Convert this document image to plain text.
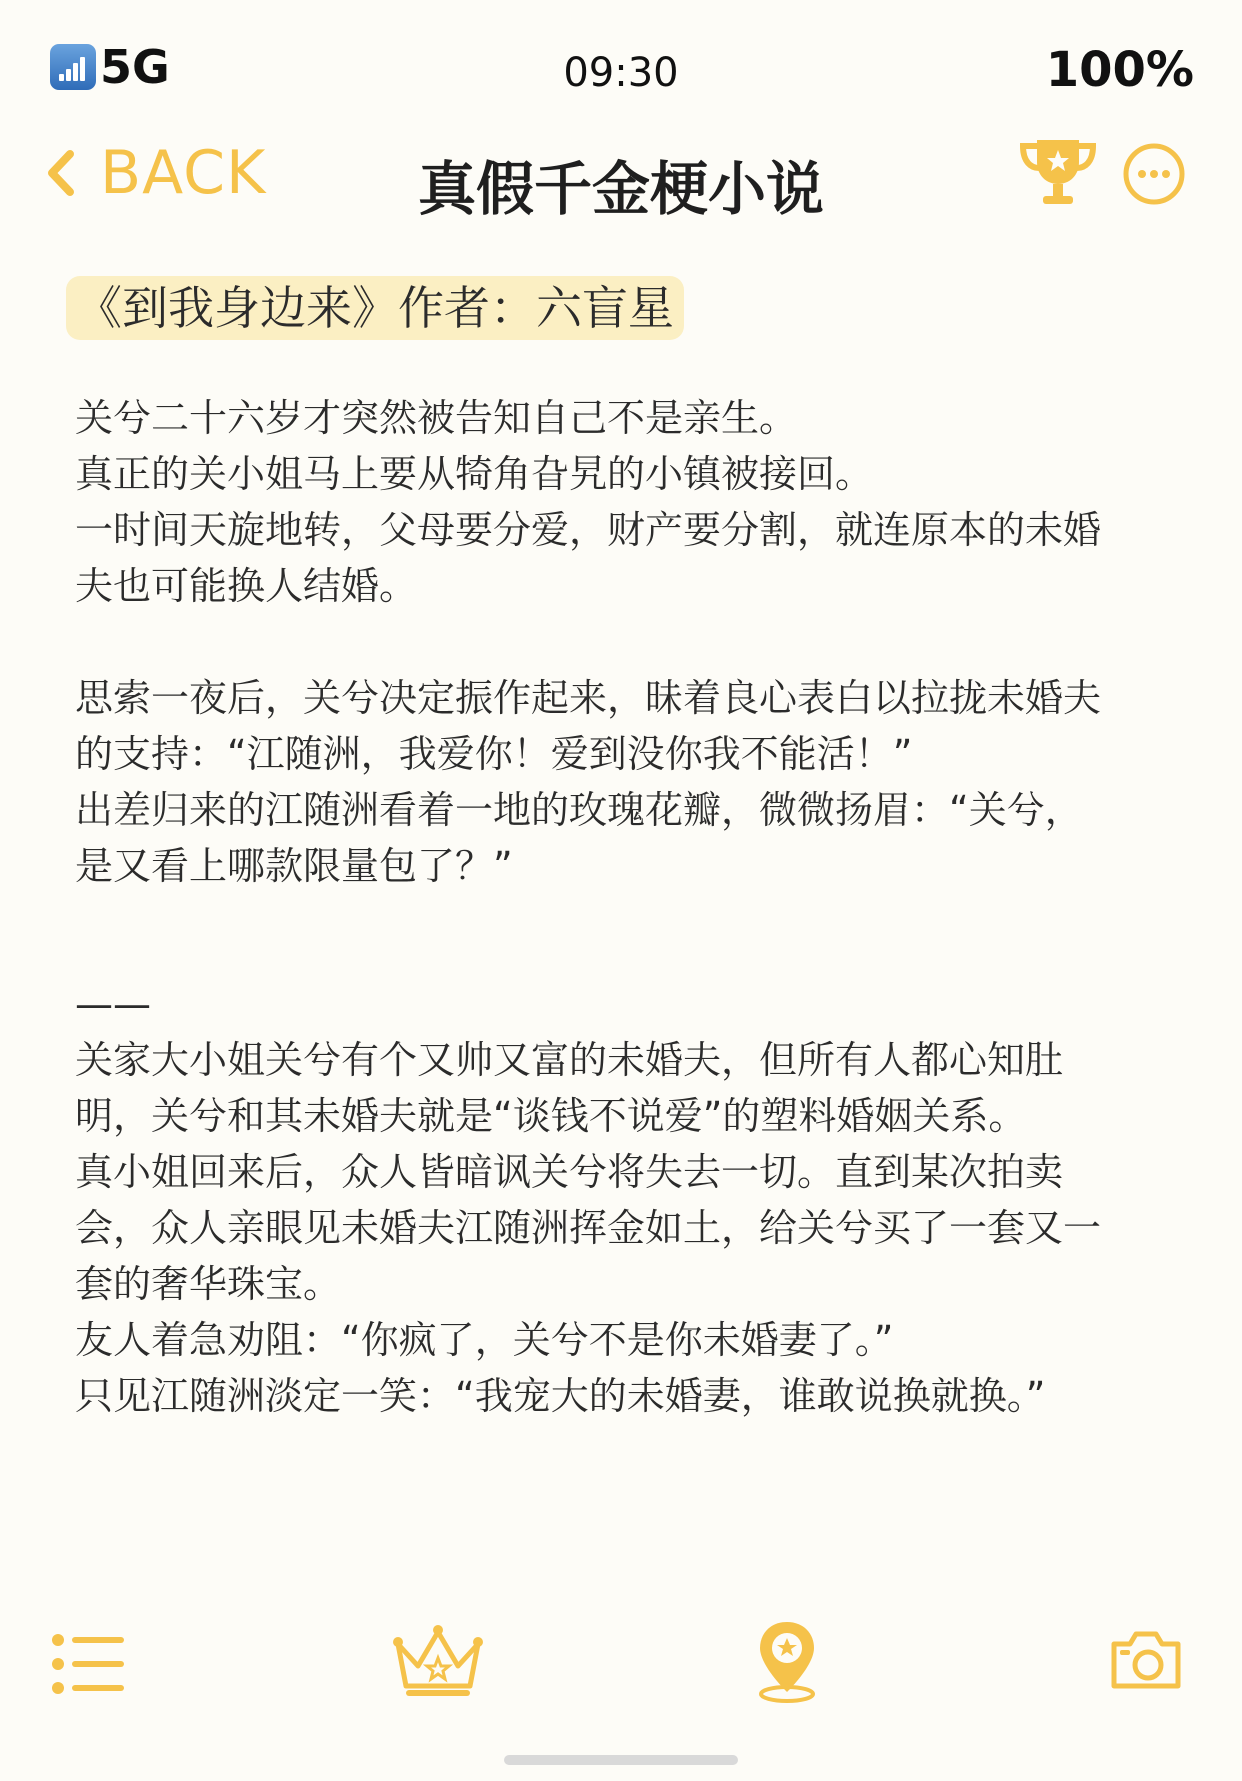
5G	09:30	100%
BACK	真假千金梗小说
《到我身边来》作者：六盲星
关兮二十六岁才突然被告知自己不是亲生。
真正的关小姐马上要从犄角旮旯的小镇被接回。
一时间天旋地转，父母要分爱，财产要分割，就连原本的未婚
夫也可能换人结婚。
思索一夜后，关兮决定振作起来，昧着良心表白以拉拢未婚夫
的支持：“江随洲，我爱你！爱到没你我不能活！”
出差归来的江随洲看着一地的玫瑰花瓣，微微扬眉：“关兮，
是又看上哪款限量包了？”
——
关家大小姐关兮有个又帅又富的未婚夫，但所有人都心知肚
明，关兮和其未婚夫就是“谈钱不说爱”的塑料婚姻关系。
真小姐回来后，众人皆暗讽关兮将失去一切。直到某次拍卖
会，众人亲眼见未婚夫江随洲挥金如土，给关兮买了一套又一
套的奢华珠宝。
友人着急劝阻：“你疯了，关兮不是你未婚妻了。”
只见江随洲淡定一笑：“我宠大的未婚妻，谁敢说换就换。”
